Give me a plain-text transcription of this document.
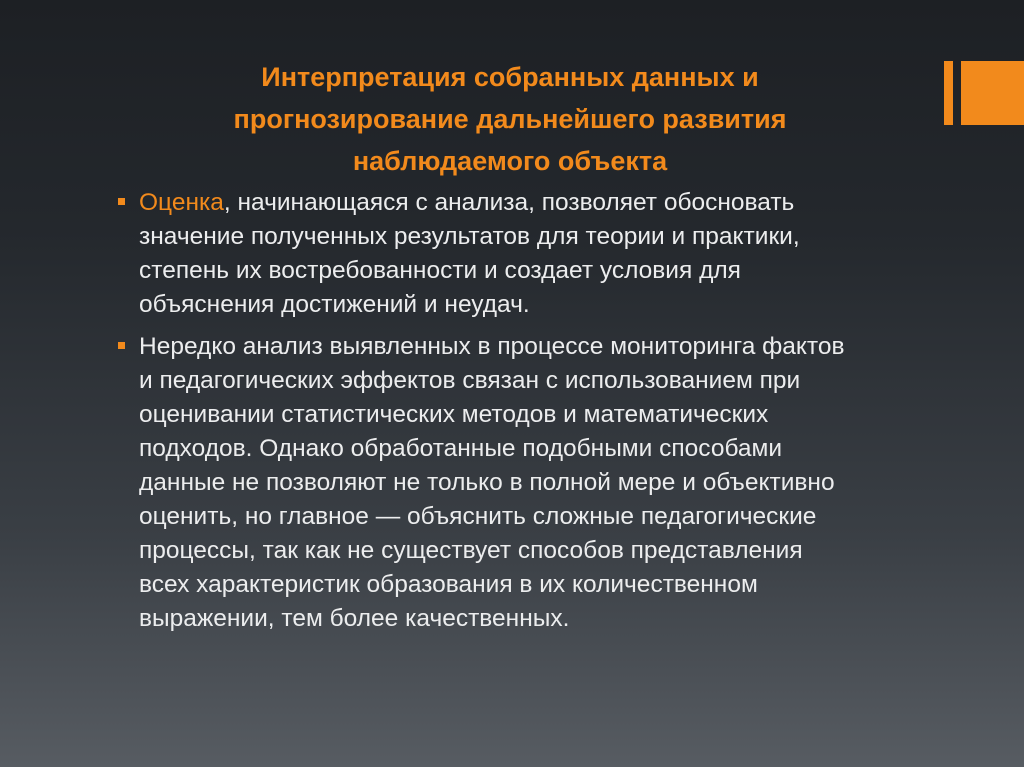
Интерпретация собранных данных и
прогнозирование дальнейшего развития
наблюдаемого объекта
Оценка, начинающаяся с анализа, позволяет обосновать
значение полученных результатов для теории и практики,
степень их востребованности и создает условия для
объяснения достижений и неудач.
Нередко анализ выявленных в процессе мониторинга фактов
и педагогических эффектов связан с использованием при
оценивании статистических методов и математических
подходов. Однако обработанные подобными способами
данные не позволяют не только в полной мере и объективно
оценить, но главное — объяснить сложные педагогические
процессы, так как не существует способов представления
всех характеристик образования в их количественном
выражении, тем более качественных.
